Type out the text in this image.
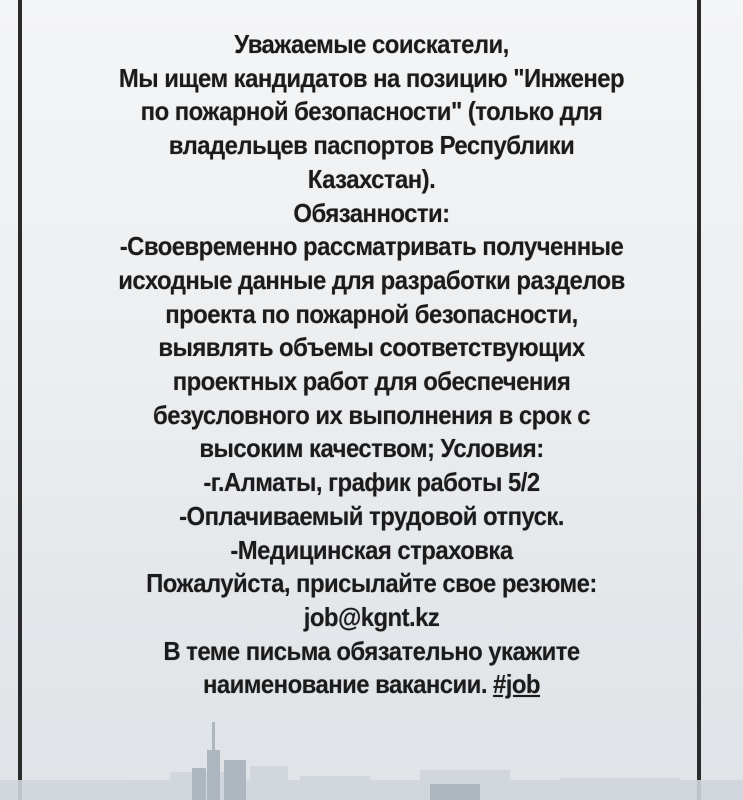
Уважаемые соискатели,
Мы ищем кандидатов на позицию "Инженер
по пожарной безопасности" (только для
владельцев паспортов Республики
Казахстан).
Обязанности:
-Своевременно рассматривать полученные
исходные данные для разработки разделов
проекта по пожарной безопасности,
выявлять объемы соответствующих
проектных работ для обеспечения
безусловного их выполнения в срок с
высоким качеством; Условия:
-г.Алматы, график работы 5/2
-Оплачиваемый трудовой отпуск.
-Медицинская страховка
Пожалуйста, присылайте свое резюме:
job@kgnt.kz
В теме письма обязательно укажите
наименование вакансии. #job
